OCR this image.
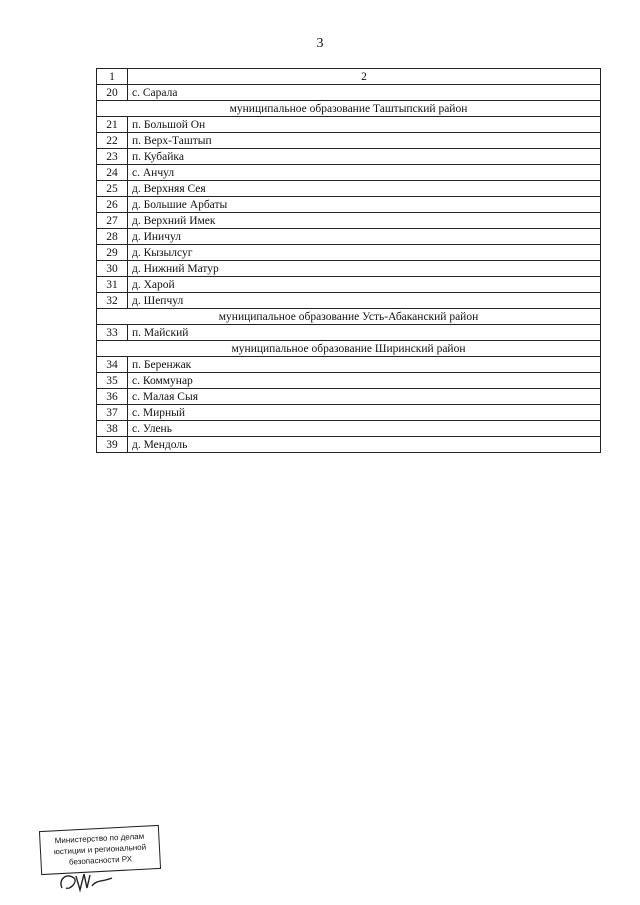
3
1	2
20	с. Сарала
муниципальное образование Таштыпский район	
21	п. Большой Он
22	п. Верх-Таштып
23	п. Кубайка
24	с. Анчул
25	д. Верхняя Сея
26	д. Большие Арбаты
27	д. Верхний Имек
28	д. Иничул
29	д. Кызылсуг
30	д. Нижний Матур
31	д. Харой
32	д. Шепчул
муниципальное образование Усть-Абаканский район	
33	п. Майский
муниципальное образование Ширинский район	
34	п. Беренжак
35	с. Коммунар
36	с. Малая Сыя
37	с. Мирный
38	с. Улень
39	д. Мендоль
Министерство по делам
юстиции и региональной
безопасности РХ
